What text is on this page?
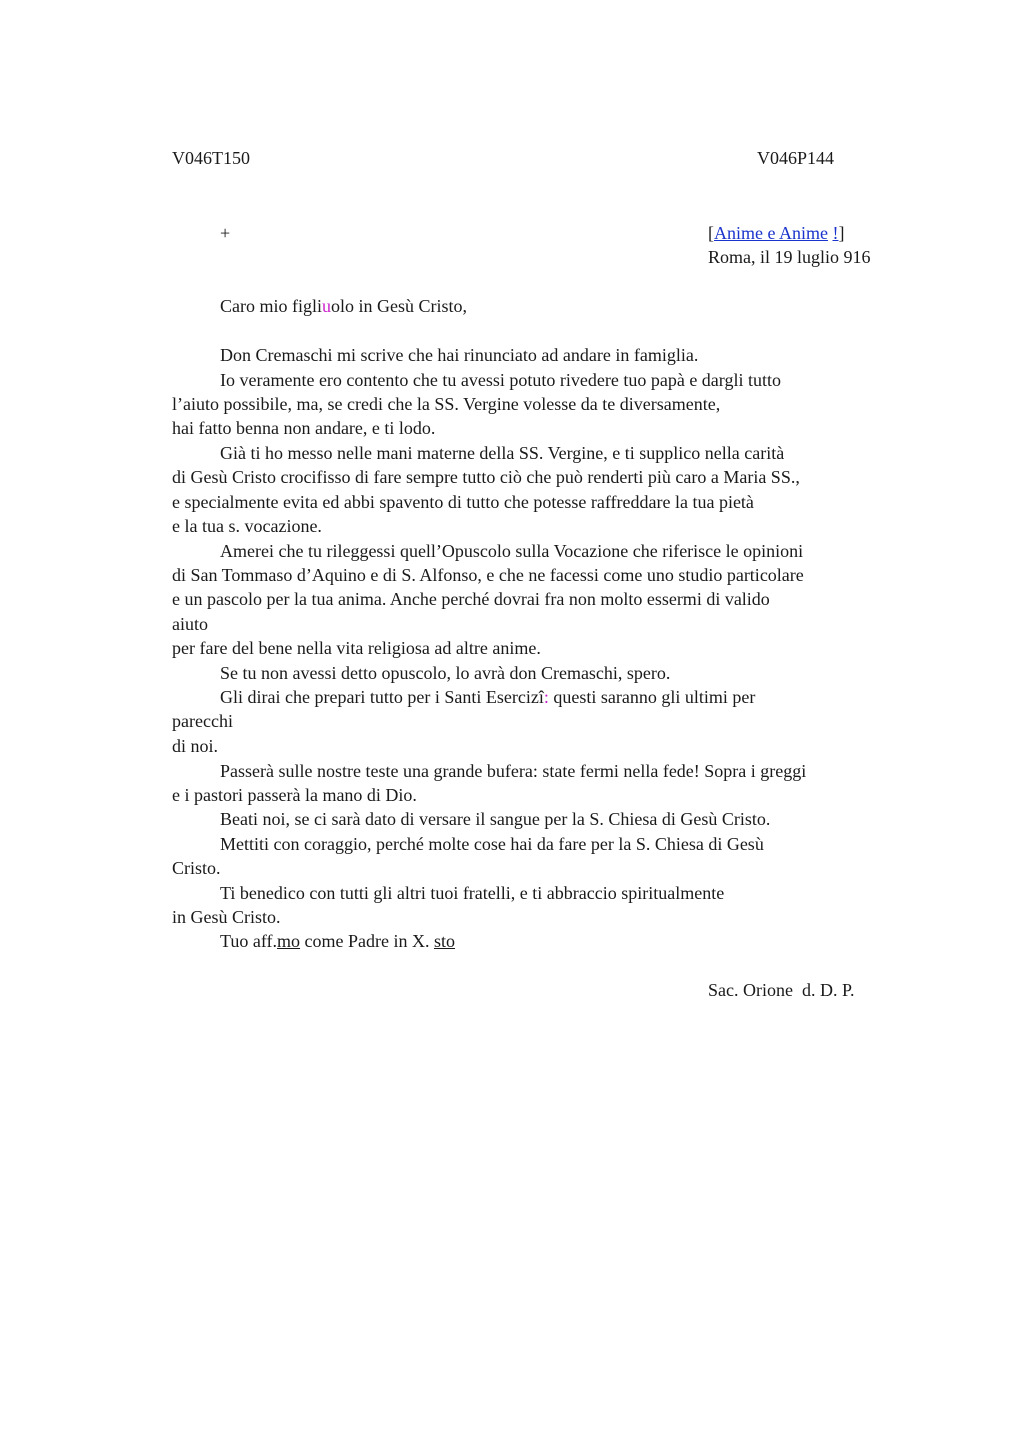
V046T150	V046P144
+	[Anime e Anime !]
Roma, il 19 luglio 916
Caro mio figliuolo in Gesù Cristo,
Don Cremaschi mi scrive che hai rinunciato ad andare in famiglia.
Io veramente ero contento che tu avessi potuto rivedere tuo papà e dargli tutto
l’aiuto possibile, ma, se credi che la SS. Vergine volesse da te diversamente,
hai fatto benna non andare, e ti lodo.
Già ti ho messo nelle mani materne della SS. Vergine, e ti supplico nella carità
di Gesù Cristo crocifisso di fare sempre tutto ciò che può renderti più caro a Maria SS.,
e specialmente evita ed abbi spavento di tutto che potesse raffreddare la tua pietà
e la tua s. vocazione.
Amerei che tu rileggessi quell’Opuscolo sulla Vocazione che riferisce le opinioni
di San Tommaso d’Aquino e di S. Alfonso, e che ne facessi come uno studio particolare
e un pascolo per la tua anima. Anche perché dovrai fra non molto essermi di valido
aiuto
per fare del bene nella vita religiosa ad altre anime.
Se tu non avessi detto opuscolo, lo avrà don Cremaschi, spero.
Gli dirai che prepari tutto per i Santi Esercizî: questi saranno gli ultimi per
parecchi
di noi.
Passerà sulle nostre teste una grande bufera: state fermi nella fede! Sopra i greggi
e i pastori passerà la mano di Dio.
Beati noi, se ci sarà dato di versare il sangue per la S. Chiesa di Gesù Cristo.
Mettiti con coraggio, perché molte cose hai da fare per la S. Chiesa di Gesù
Cristo.
Ti benedico con tutti gli altri tuoi fratelli, e ti abbraccio spiritualmente
in Gesù Cristo.
Tuo aff.mo come Padre in X. sto
Sac. Orione  d. D. P.
